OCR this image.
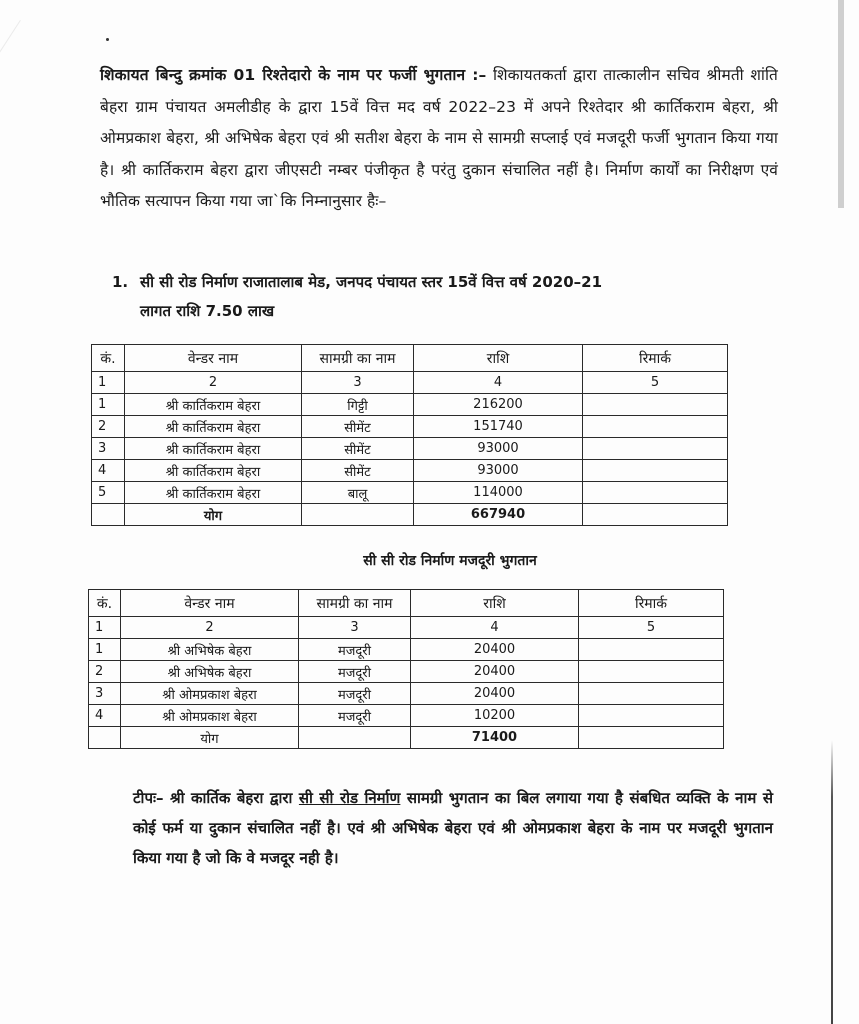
शिकायत बिन्दु क्रमांक 01 रिश्तेदारो के नाम पर फर्जी भुगतान :– शिकायतकर्ता द्वारा तात्कालीन सचिव श्रीमती शांति बेहरा ग्राम पंचायत अमलीडीह के द्वारा 15वें वित्त मद वर्ष 2022–23 में अपने रिश्तेदार श्री कार्तिकराम बेहरा, श्री ओमप्रकाश बेहरा, श्री अभिषेक बेहरा एवं श्री सतीश बेहरा के नाम से सामग्री सप्लाई एवं मजदूरी फर्जी भुगतान किया गया है। श्री कार्तिकराम बेहरा द्वारा जीएसटी नम्बर पंजीकृत है परंतु दुकान संचालित नहीं है। निर्माण कार्यों का निरीक्षण एवं भौतिक सत्यापन किया गया जा`कि निम्नानुसार हैः–
1. सी सी रोड निर्माण राजातालाब मेड, जनपद पंचायत स्तर 15वें वित्त वर्ष 2020–21
लागत राशि 7.50 लाख
कं.	वेन्डर नाम	सामग्री का नाम	राशि	रिमार्क
1	2	3	4	5
1	श्री कार्तिकराम बेहरा	गिट्टी	216200	
2	श्री कार्तिकराम बेहरा	सीमेंट	151740	
3	श्री कार्तिकराम बेहरा	सीमेंट	93000	
4	श्री कार्तिकराम बेहरा	सीमेंट	93000	
5	श्री कार्तिकराम बेहरा	बालू	114000	
	योग		667940	
सी सी रोड निर्माण मजदूरी भुगतान
कं.	वेन्डर नाम	सामग्री का नाम	राशि	रिमार्क
1	2	3	4	5
1	श्री अभिषेक बेहरा	मजदूरी	20400	
2	श्री अभिषेक बेहरा	मजदूरी	20400	
3	श्री ओमप्रकाश बेहरा	मजदूरी	20400	
4	श्री ओमप्रकाश बेहरा	मजदूरी	10200	
	योग		71400	
टीपः– श्री कार्तिक बेहरा द्वारा सी सी रोड निर्माण सामग्री भुगतान का बिल लगाया गया है संबधित व्यक्ति के नाम से कोई फर्म या दुकान संचालित नहीं है। एवं श्री अभिषेक बेहरा एवं श्री ओमप्रकाश बेहरा के नाम पर मजदूरी भुगतान किया गया है जो कि वे मजदूर नही है।
